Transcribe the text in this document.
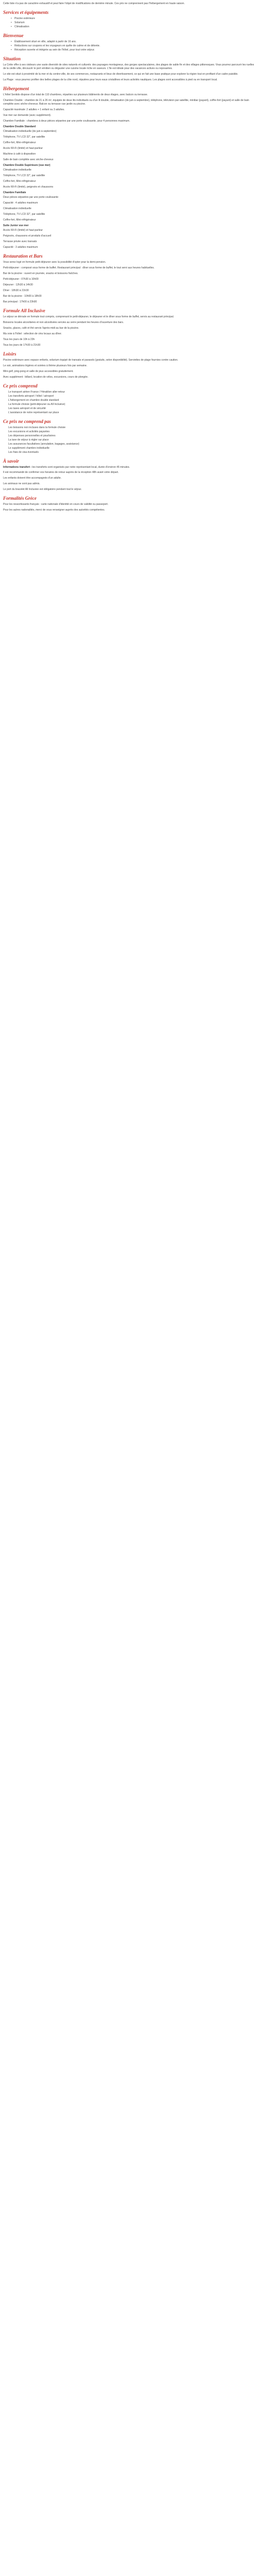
Cette liste n'a pas de caractère exhaustif et peut faire l'objet de modifications de dernière minute. Ces prix ne comprennent pas l'hébergement en haute saison.

Services et équipements
• Piscine extérieure
• Solarium
• Climatisation
Bienvenue
• Établissement situé en ville, adapté à partir de 16 ans.
• Réductions sur coupons et les voyageurs en quête de calme et de détente.
• Réception ouverte et intégrée au sein de l'hôtel, pour tout votre séjour.
Situation

La Crète offre à ses visiteurs une vaste diversité de sites naturels et culturels: des paysages montagneux, des gorges spectaculaires, des plages de sable fin et des villages pittoresques. Vous pourrez parcourir les ruelles de la vieille ville, découvrir le port vénitien ou déguster une cuisine locale riche en saveurs. L'île est idéale pour des vacances actives ou reposantes.

Le site est situé à proximité de la mer et du centre-ville, de ses commerces, restaurants et lieux de divertissement, ce qui en fait une base pratique pour explorer la région tout en profitant d'un cadre paisible.

La Plage : vous pourrez profiter des belles plages de la côte nord, réputées pour leurs eaux cristallines et leurs activités nautiques. Les plages sont accessibles à pied ou en transport local.

Hébergement

L'hôtel Sentido dispose d'un total de 110 chambres, réparties sur plusieurs bâtiments de deux étages, avec balcon ou terrasse.

Chambre Double : chambre de 21 à 26 m², équipée de deux lits individuels ou d'un lit double, climatisation (de juin à septembre), téléphone, télévision par satellite, minibar (payant), coffre-fort (payant) et salle de bain complète avec sèche-cheveux. Balcon ou terrasse vue jardin ou piscine.

Capacité maximale: 2 adultes + 1 enfant ou 3 adultes.

Vue mer sur demande (avec supplément).

Chambre Familiale : chambres à deux pièces séparées par une porte coulissante, pour 4 personnes maximum.

Chambre Double Standard

Climatisation individuelle (de juin à septembre)

Téléphone, TV LCD 32", par satellite

Coffre-fort, Mini-réfrigérateur

Accès Wi-Fi (limité) et haut-parleur

Machine à café à disposition

Salle de bain complète avec sèche-cheveux

Chambre Double Supérieure (vue mer)

Climatisation individuelle

Téléphone, TV LCD 32", par satellite

Coffre-fort, Mini-réfrigérateur

Accès Wi-Fi (limité), peignoirs et chaussons

Chambre Familiale

Deux pièces séparées par une porte coulissante

Capacité : 4 adultes maximum

Climatisation individuelle

Téléphone, TV LCD 32", par satellite

Coffre-fort, Mini-réfrigérateur

Suite Junior vue mer

Accès Wi-Fi (limité) et haut-parleur

Peignoirs, chaussons et produits d'accueil

Terrasse privée avec transats

Capacité : 3 adultes maximum

Restauration et Bars

Vous serez logé en formule petit-déjeuner avec la possibilité d'opter pour la demi-pension.

Petit-déjeuner : composé sous forme de buffet. Restaurant principal : dîner sous forme de buffet, le tout servi aux heures habituelles.

Bar de la piscine : ouvert en journée, snacks et boissons fraîches.

Petit-déjeuner : 07h30 à 10h00

Déjeuner : 12h30 à 14h30

Dîner : 18h30 à 21h30

Bar de la piscine : 10h00 à 18h00

Bar principal : 17h00 à 23h00

Formule All Inclusive

Le séjour se déroule en formule tout compris, comprenant le petit-déjeuner, le déjeuner et le dîner sous forme de buffet, servis au restaurant principal.

Boissons locales alcoolisées et non alcoolisées servies au verre pendant les heures d'ouverture des bars.

Snacks, glaces, café et thé servis l'après-midi au bar de la piscine.

Ma voie à l'hôtel : sélection de vins locaux au dîner.

Tous les jours de 10h à 23h

Tous les jours de 17h30 à 21h30

Loisirs

Piscine extérieure avec espace enfants, solarium équipé de transats et parasols (gratuits, selon disponibilité). Serviettes de plage fournies contre caution.

Le soir, animations légères et soirées à thème plusieurs fois par semaine.

Mini-golf, ping-pong et salle de jeux accessibles gratuitement.

Avec supplément : billard, location de vélos, excursions, cours de plongée.

Ce prix comprend
Le transport aérien France / Héraklion aller-retour
Les transferts aéroport / hôtel / aéroport
L'hébergement en chambre double standard
La formule choisie (petit-déjeuner ou All Inclusive)
Les taxes aéroport et de sécurité
L'assistance de notre représentant sur place
Ce prix ne comprend pas
Les boissons non incluses dans la formule choisie
Les excursions et activités payantes
Les dépenses personnelles et pourboires
La taxe de séjour à régler sur place
Les assurances facultatives (annulation, bagages, assistance)
Le supplément chambre individuelle
Les frais de visa éventuels
À savoir

Informations transfert : les transferts sont organisés par notre représentant local, durée d'environ 45 minutes.

Il est recommandé de confirmer vos horaires de retour auprès de la réception 48h avant votre départ.

Les enfants doivent être accompagnés d'un adulte.

Les animaux ne sont pas admis.

Le port du bracelet All Inclusive est obligatoire pendant tout le séjour.

Formalités Grèce

Pour les ressortissants français : carte nationale d'identité en cours de validité ou passeport.

Pour les autres nationalités, merci de vous renseigner auprès des autorités compétentes.
